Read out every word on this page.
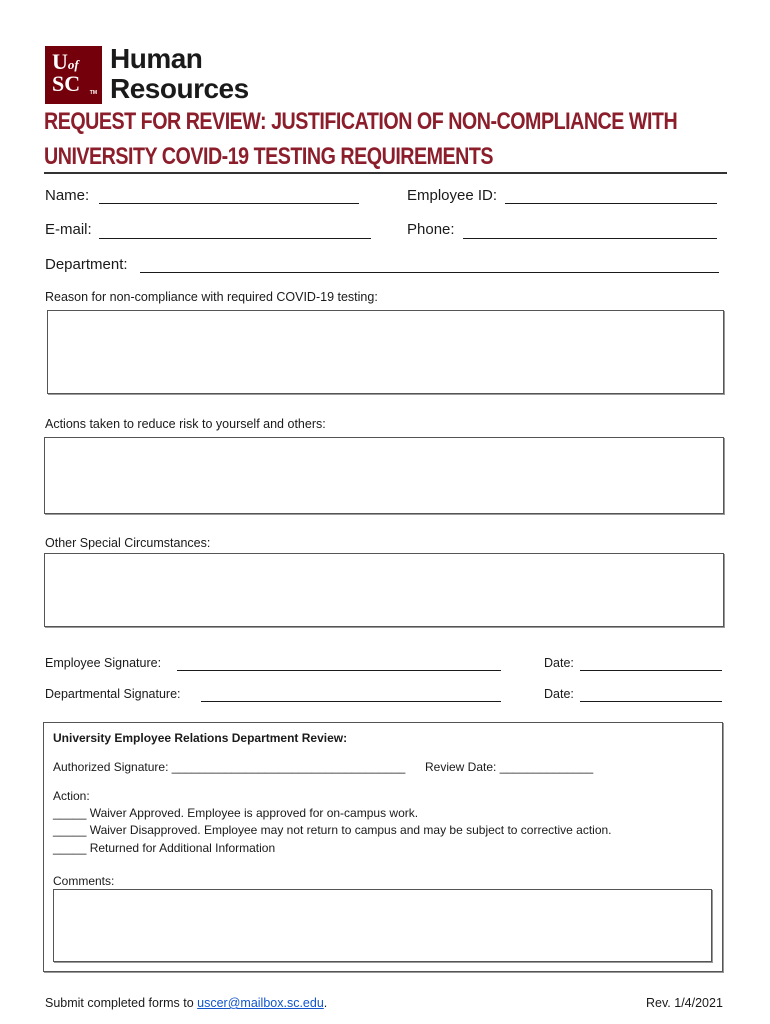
Uof
SC TM
Human
Resources
REQUEST FOR REVIEW: JUSTIFICATION OF NON-COMPLIANCE WITH
UNIVERSITY COVID-19 TESTING REQUIREMENTS
Name:	Employee ID:
E-mail:	Phone:
Department:
Reason for non-compliance with required COVID-19 testing:
Actions taken to reduce risk to yourself and others:
Other Special Circumstances:
Employee Signature:	Date:
Departmental Signature:	Date:
University Employee Relations Department Review:
Authorized Signature: ___________________________________ Review Date: ______________
Action:
_____ Waiver Approved. Employee is approved for on-campus work.
_____ Waiver Disapproved. Employee may not return to campus and may be subject to corrective action.
_____ Returned for Additional Information
Comments:
Submit completed forms to uscer@mailbox.sc.edu.	Rev. 1/4/2021
